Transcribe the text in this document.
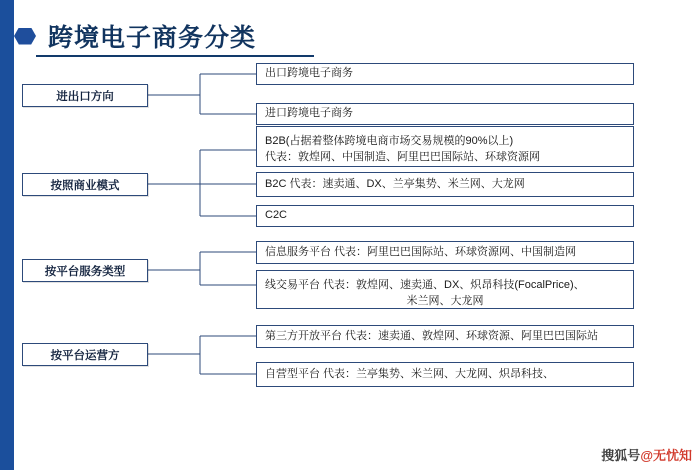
跨境电子商务分类
进出口方向
出口跨境电子商务
进口跨境电子商务
按照商业模式
B2B(占据着整体跨境电商市场交易规模的90%以上)
代表：敦煌网、中国制造、阿里巴巴国际站、环球资源网
B2C 代表：速卖通、DX、兰亭集势、米兰网、大龙网
C2C
按平台服务类型
信息服务平台 代表：阿里巴巴国际站、环球资源网、中国制造网
线交易平台 代表：敦煌网、速卖通、DX、炽昂科技(FocalPrice)、
米兰网、大龙网
按平台运营方
第三方开放平台 代表：速卖通、敦煌网、环球资源、阿里巴巴国际站
自营型平台 代表：兰亭集势、米兰网、大龙网、炽昂科技、
搜狐号@无忧知
